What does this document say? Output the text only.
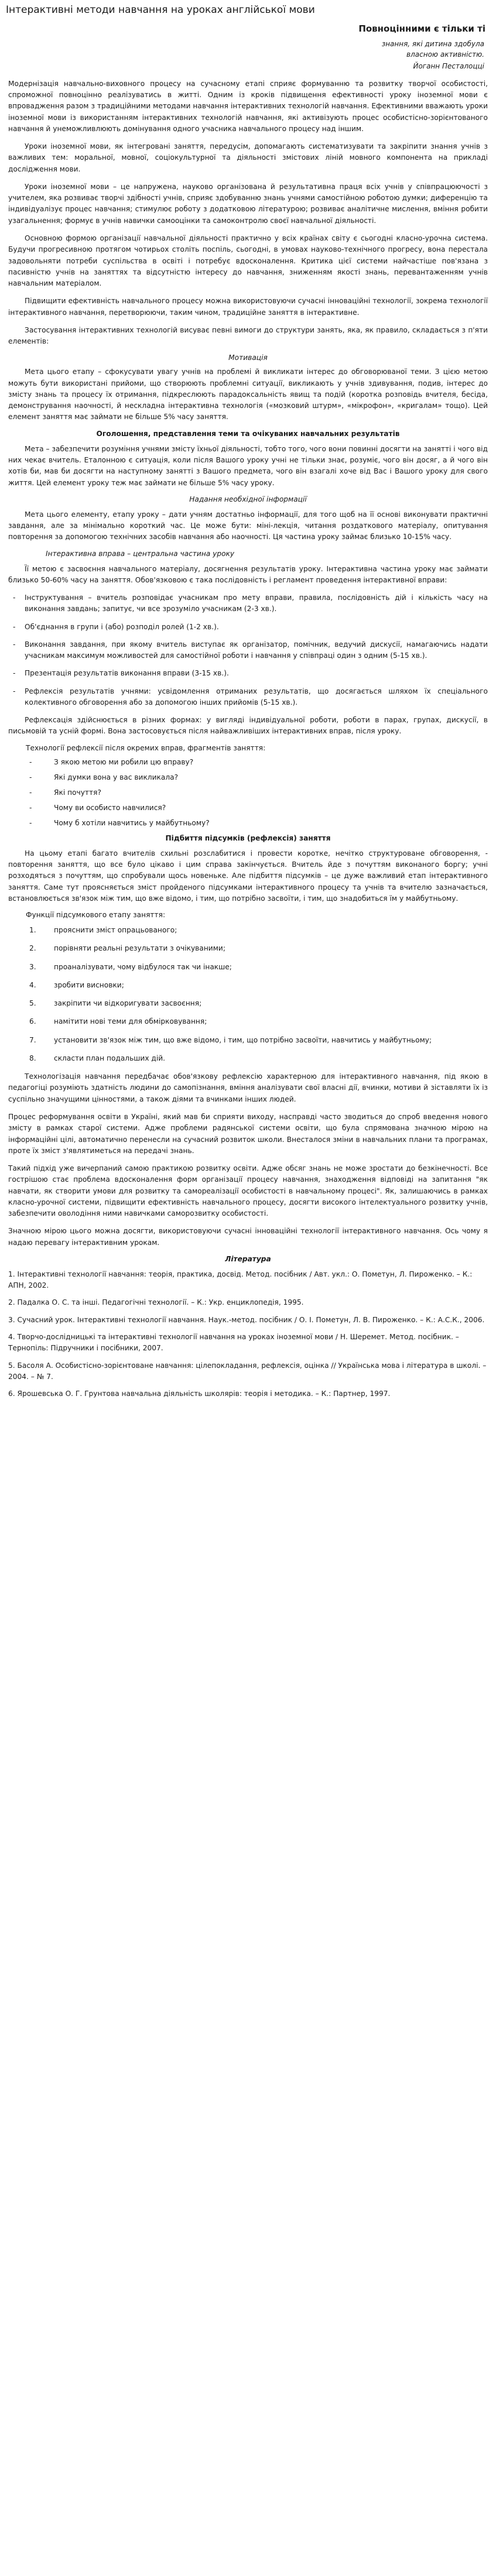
Інтерактивні методи навчання на уроках англійської мови
Повноцінними є тільки ті
знання, які дитина здобула
власною активністю.
Йоганн Песталоцці

Модернізація навчально-виховного процесу на сучасному етапі сприяє формуванню та розвитку творчої особистості, спроможної повноцінно реалізуватись в житті. Одним із кроків підвищення ефективності уроку іноземної мови є впровадження разом з традиційними методами навчання інтерактивних технологій навчання. Ефективними вважають уроки іноземної мови із використанням інтерактивних технологій навчання, які активізують процес особистісно-зорієнтованого навчання й унеможливлюють домінування одного учасника навчального процесу над іншим.

Уроки іноземної мови, як інтегровані заняття, передусім, допомагають систематизувати та закріпити знання учнів з важливих тем: моральної, мовної, соціокультурної та діяльності змістових ліній мовного компонента на прикладі дослідження мови.

Уроки іноземної мови – це напружена, науково організована й результативна праця всіх учнів у співпрацюючості з учителем, яка розвиває творчі здібності учнів, сприяє здобуванню знань учнями самостійною роботою думки; диференцію та індивідуалізує процес навчання; стимулює роботу з додатковою літературою; розвиває аналітичне мислення, вміння робити узагальнення; формує в учнів навички самооцінки та самоконтролю своєї навчальної діяльності.

Основною формою організації навчальної діяльності практично у всіх країнах світу є сьогодні класно-урочна система. Будучи прогресивною протягом чотирьох століть поспіль, сьогодні, в умовах науково-технічного прогресу, вона перестала задовольняти потреби суспільства в освіті і потребує вдосконалення. Критика цієї системи найчастіше пов'язана з пасивністю учнів на заняттях та відсутністю інтересу до навчання, зниженням якості знань, перевантаженням учнів навчальним матеріалом.

Підвищити ефективність навчального процесу можна використовуючи сучасні інноваційні технології, зокрема технології інтерактивного навчання, перетворюючи, таким чином, традиційне заняття в інтерактивне.

Застосування інтерактивних технологій висуває певні вимоги до структури занять, яка, як правило, складається з п'яти елементів:

Мотивація

Мета цього етапу – сфокусувати увагу учнів на проблемі й викликати інтерес до обговорюваної теми. З цією метою можуть бути використані прийоми, що створюють проблемні ситуації, викликають у учнів здивування, подив, інтерес до змісту знань та процесу їх отримання, підкреслюють парадоксальність явищ та подій (коротка розповідь вчителя, бесіда, демонстрування наочності, й нескладна інтерактивна технологія («мозковий штурм», «мікрофон», «кригалам» тощо). Цей елемент заняття має займати не більше 5% часу заняття.

Оголошення, представлення теми та очікуваних навчальних результатів

Мета – забезпечити розуміння учнями змісту їхньої діяльності, тобто того, чого вони повинні досягти на занятті і чого від них чекає вчитель. Еталонною є ситуація, коли після Вашого уроку учні не тільки знає, розуміє, чого він досяг, а й чого він хотів би, мав би досягти на наступному занятті з Вашого предмета, чого він взагалі хоче від Вас і Вашого уроку для свого життя. Цей елемент уроку теж має займати не більше 5% часу уроку.

Надання необхідної інформації

Мета цього елементу, етапу уроку – дати учням достатньо інформації, для того щоб на її основі виконувати практичні завдання, але за мінімально короткий час. Це може бути: міні-лекція, читання роздаткового матеріалу, опитування повторення за допомогою технічних засобів навчання або наочності. Ця частина уроку займає близько 10-15% часу.

Інтерактивна вправа – центральна частина уроку

Її метою є засвоєння навчального матеріалу, досягнення результатів уроку. Інтерактивна частина уроку має займати близько 50-60% часу на заняття. Обов'язковою є така послідовність і регламент проведення інтерактивної вправи:

-	Інструктування – вчитель розповідає учасникам про мету вправи, правила, послідовність дій і кількість часу на виконання завдань; запитує, чи все зрозуміло учасникам (2-3 хв.).
-	Об'єднання в групи і (або) розподіл ролей (1-2 хв.).
-	Виконання завдання, при якому вчитель виступає як організатор, помічник, ведучий дискусії, намагаючись надати учасникам максимум можливостей для самостійної роботи і навчання у співпраці один з одним (5-15 хв.).
-	Презентація результатів виконання вправи (3-15 хв.).
-	Рефлексія результатів учнями: усвідомлення отриманих результатів, що досягається шляхом їх спеціального колективного обговорення або за допомогою інших прийомів (5-15 хв.).

Рефлексація здійснюється в різних формах: у вигляді індивідуальної роботи, роботи в парах, групах, дискусії, в письмовій та усній формі. Вона застосовується після найважливіших інтерактивних вправ, після уроку.

Технології рефлексії після окремих вправ, фрагментів заняття:
-	З якою метою ми робили цю вправу?
-	Які думки вона у вас викликала?
-	Які почуття?
-	Чому ви особисто навчилися?
-	Чому б хотіли навчитись у майбутньому?
Підбиття підсумків (рефлексія) заняття

На цьому етапі багато вчителів схильні розслабитися і провести коротке, нечітко структуроване обговорення, - повторення заняття, що все було цікаво і цим справа закінчується. Вчитель йде з почуттям виконаного боргу; учні розходяться з почуттям, що спробували щось новеньке. Але підбиття підсумків – це дуже важливий етап інтерактивного заняття. Саме тут проясняється зміст пройденого підсумками інтерактивного процесу та учнів та вчителю зазначається, встановлюється зв'язок між тим, що вже відомо, і тим, що потрібно засвоїти, і тим, що знадобиться їм у майбутньому.

Функції підсумкового етапу заняття:
1.	прояснити зміст опрацьованого;
2.	порівняти реальні результати з очікуваними;
3.	проаналізувати, чому відбулося так чи інакше;
4.	зробити висновки;
5.	закріпити чи відкоригувати засвоєння;
6.	намітити нові теми для обмірковування;
7.	установити зв'язок між тим, що вже відомо, і тим, що потрібно засвоїти, навчитись у майбутньому;
8.	скласти план подальших дій.

Технологізація навчання передбачає обов'язкову рефлексію характерною для інтерактивного навчання, під якою в педагогіці розуміють здатність людини до самопізнання, вміння аналізувати свої власні дії, вчинки, мотиви й зіставляти їх із суспільно значущими цінностями, а також діями та вчинками інших людей.

Процес реформування освіти в Україні, який мав би сприяти виходу, насправді часто зводиться до спроб введення нового змісту в рамках старої системи. Адже проблеми радянської системи освіти, що була спрямована значною мірою на інформаційні цілі, автоматично перенесли на сучасний розвиток школи. Внесталося зміни в навчальних плани та програмах, проте їх зміст з'являтиметься на передачі знань.

Такий підхід уже вичерпаний самою практикою розвитку освіти. Адже обсяг знань не може зростати до безкінечності. Все гострішою стає проблема вдосконалення форм організації процесу навчання, знаходження відповіді на запитання "як навчати, як створити умови для розвитку та самореалізації особистості в навчальному процесі". Як, залишаючись в рамках класно-урочної системи, підвищити ефективність навчального процесу, досягти високого інтелектуального розвитку учнів, забезпечити оволодіння ними навичками саморозвитку особистості.

Значною мірою цього можна досягти, використовуючи сучасні інноваційні технології інтерактивного навчання. Ось чому я надаю перевагу інтерактивним урокам.

Література

1. Інтерактивні технології навчання: теорія, практика, досвід. Метод. посібник / Авт. укл.: О. Пометун, Л. Пироженко. – К.: АПН, 2002.

2. Падалка О. С. та інші. Педагогічні технології. – К.: Укр. енциклопедія, 1995.

3. Сучасний урок. Інтерактивні технології навчання. Наук.-метод. посібник / О. І. Пометун, Л. В. Пироженко. – К.: А.С.К., 2006.

4. Творчо-дослідницькі та інтерактивні технології навчання на уроках іноземної мови / Н. Шеремет. Метод. посібник. – Тернопіль: Підручники і посібники, 2007.

5. Басоля А. Особистісно-зорієнтоване навчання: цілепокладання, рефлексія, оцінка // Українська мова і література в школі. – 2004. – № 7.

6. Ярошевська О. Г. Грунтова навчальна діяльність школярів: теорія і методика. – К.: Партнер, 1997.
